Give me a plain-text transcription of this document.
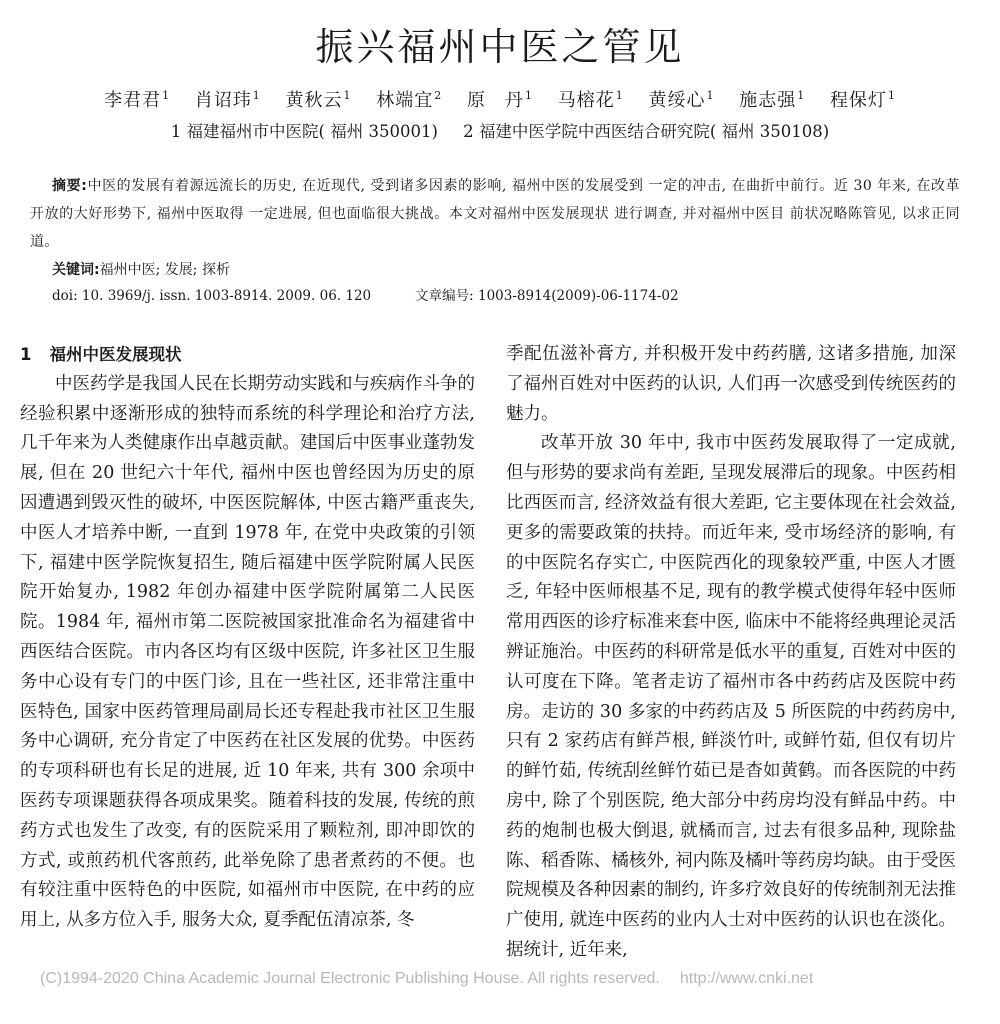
振兴福州中医之管见
李君君$^1$ 肖诏玮$^1$ 黄秋云$^1$ 林端宜$^2$ 原　丹$^1$ 马榕花$^1$ 黄绥心$^1$ 施志强$^1$ 程保灯$^1$
1 福建福州市中医院( 福州 350001) 2 福建中医学院中西医结合研究院( 福州 350108)
摘要:中医的发展有着源远流长的历史, 在近现代, 受到诸多因素的影响, 福州中医的发展受到 一定的冲击, 在曲折中前行。近 30 年来, 在改革开放的大好形势下, 福州中医取得 一定进展, 但也面临很大挑战。本文对福州中医发展现状 进行调查, 并对福州中医目 前状况略陈管见, 以求正同道。
关键词:福州中医; 发展; 探析
doi: 10. 3969/j. issn. 1003-8914. 2009. 06. 120	文章编号: 1003-8914(2009)-06-1174-02
1 福州中医发展现状

中医药学是我国人民在长期劳动实践和与疾病作斗争的经验积累中逐渐形成的独特而系统的科学理论和治疗方法, 几千年来为人类健康作出卓越贡献。建国后中医事业蓬勃发展, 但在 20 世纪六十年代, 福州中医也曾经因为历史的原因遭遇到毁灭性的破坏, 中医医院解体, 中医古籍严重丧失, 中医人才培养中断, 一直到 1978 年, 在党中央政策的引领下, 福建中医学院恢复招生, 随后福建中医学院附属人民医院开始复办, 1982 年创办福建中医学院附属第二人民医院。1984 年, 福州市第二医院被国家批准命名为福建省中西医结合医院。市内各区均有区级中医院, 许多社区卫生服务中心设有专门的中医门诊, 且在一些社区, 还非常注重中医特色, 国家中医药管理局副局长还专程赴我市社区卫生服务中心调研, 充分肯定了中医药在社区发展的优势。中医药的专项科研也有长足的进展, 近 10 年来, 共有 300 余项中医药专项课题获得各项成果奖。随着科技的发展, 传统的煎药方式也发生了改变, 有的医院采用了颗粒剂, 即冲即饮的方式, 或煎药机代客煎药, 此举免除了患者煮药的不便。也有较注重中医特色的中医院, 如福州市中医院, 在中药的应用上, 从多方位入手, 服务大众, 夏季配伍清凉茶, 冬

季配伍滋补膏方, 并积极开发中药药膳, 这诸多措施, 加深了福州百姓对中医药的认识, 人们再一次感受到传统医药的魅力。

改革开放 30 年中, 我市中医药发展取得了一定成就, 但与形势的要求尚有差距, 呈现发展滞后的现象。中医药相比西医而言, 经济效益有很大差距, 它主要体现在社会效益, 更多的需要政策的扶持。而近年来, 受市场经济的影响, 有的中医院名存实亡, 中医院西化的现象较严重, 中医人才匮乏, 年轻中医师根基不足, 现有的教学模式使得年轻中医师常用西医的诊疗标准来套中医, 临床中不能将经典理论灵活辨证施治。中医药的科研常是低水平的重复, 百姓对中医的认可度在下降。笔者走访了福州市各中药药店及医院中药房。走访的 30 多家的中药药店及 5 所医院的中药药房中, 只有 2 家药店有鲜芦根, 鲜淡竹叶, 或鲜竹茹, 但仅有切片的鲜竹茹, 传统刮丝鲜竹茹已是杳如黄鹤。而各医院的中药房中, 除了个别医院, 绝大部分中药房均没有鲜品中药。中药的炮制也极大倒退, 就橘而言, 过去有很多品种, 现除盐陈、稻香陈、橘核外, 祠内陈及橘叶等药房均缺。由于受医院规模及各种因素的制约, 许多疗效良好的传统制剂无法推广使用, 就连中医药的业内人士对中医药的认识也在淡化。据统计, 近年来,

(C)1994-2020 China Academic Journal Electronic Publishing House. All rights reserved. http://www.cnki.net
